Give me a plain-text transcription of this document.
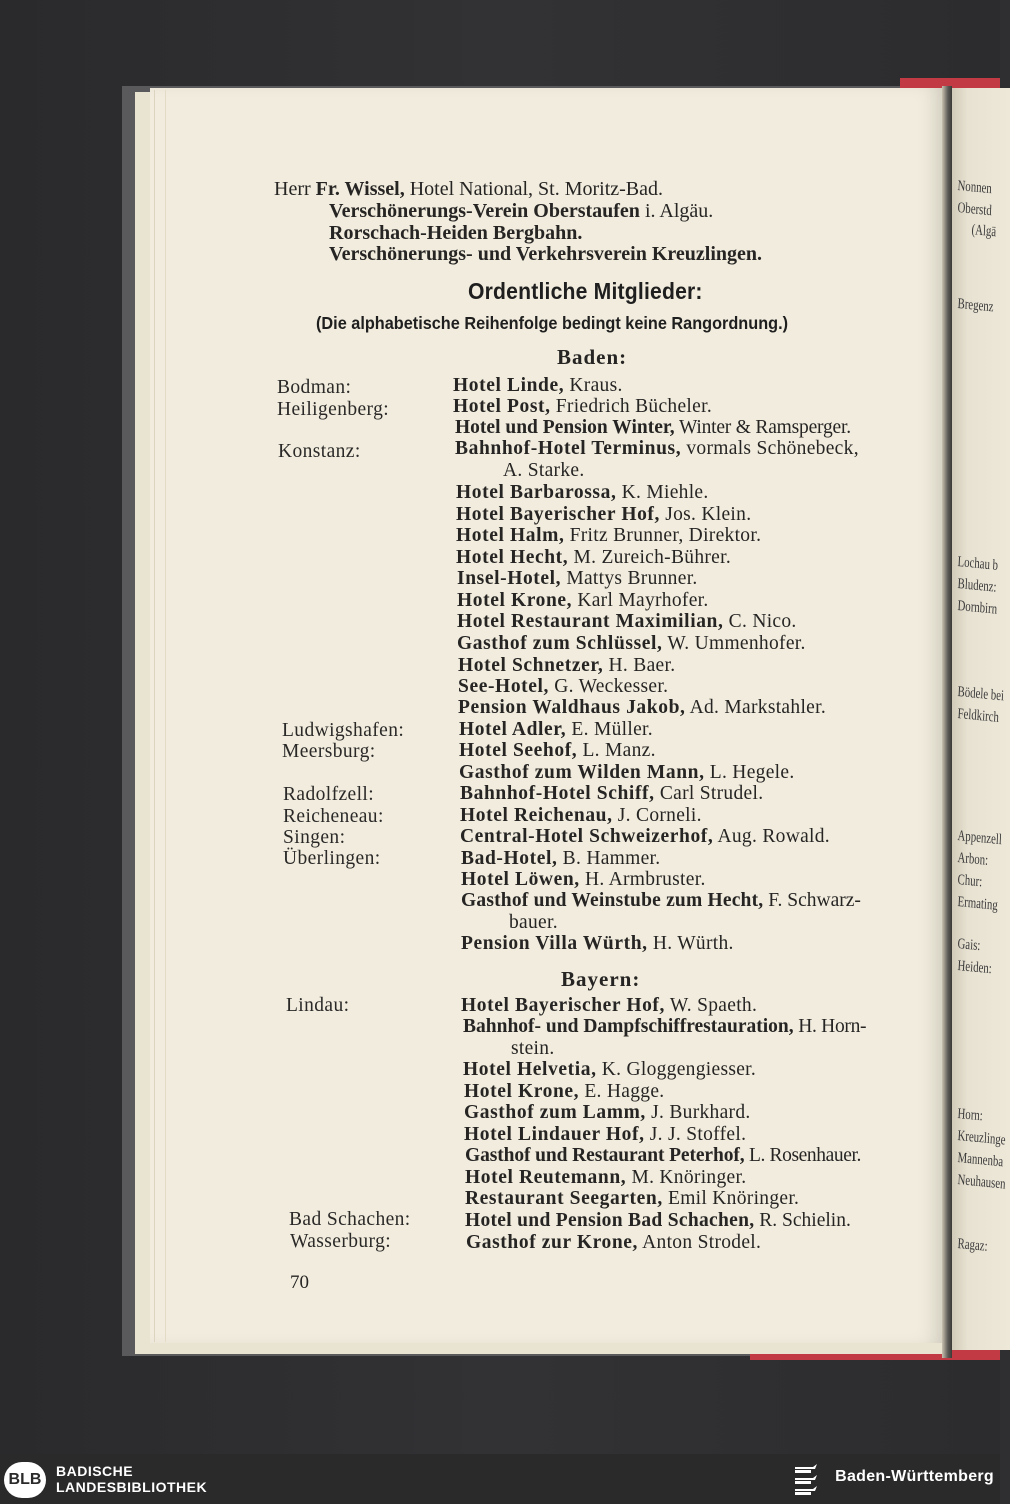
Nonnen
Oberstd
(Algä
Bregenz
Lochau b
Bludenz:
Dornbirn
Bödele bei
Feldkirch
Appenzell
Arbon:
Chur:
Ermating
Gais:
Heiden:
Horn:
Kreuzlinge
Mannenba
Neuhausen
Ragaz:
Herr Fr. Wissel, Hotel National, St. Moritz-Bad.
Verschönerungs-Verein Oberstaufen i. Algäu.
Rorschach-Heiden Bergbahn.
Verschönerungs- und Verkehrsverein Kreuzlingen.
Ordentliche Mitglieder:
(Die alphabetische Reihenfolge bedingt keine Rangordnung.)
Baden:
Bayern:
Bodman:
Heiligenberg:
Konstanz:
Ludwigshafen:
Meersburg:
Radolfzell:
Reicheneau:
Singen:
Überlingen:
Lindau:
Bad Schachen:
Wasserburg:
Hotel Linde, Kraus.
Hotel Post, Friedrich Bücheler.
Hotel und Pension Winter, Winter & Ramsperger.
Bahnhof-Hotel Terminus, vormals Schönebeck,
A. Starke.
Hotel Barbarossa, K. Miehle.
Hotel Bayerischer Hof, Jos. Klein.
Hotel Halm, Fritz Brunner, Direktor.
Hotel Hecht, M. Zureich-Bührer.
Insel-Hotel, Mattys Brunner.
Hotel Krone, Karl Mayrhofer.
Hotel Restaurant Maximilian, C. Nico.
Gasthof zum Schlüssel, W. Ummenhofer.
Hotel Schnetzer, H. Baer.
See-Hotel, G. Weckesser.
Pension Waldhaus Jakob, Ad. Markstahler.
Hotel Adler, E. Müller.
Hotel Seehof, L. Manz.
Gasthof zum Wilden Mann, L. Hegele.
Bahnhof-Hotel Schiff, Carl Strudel.
Hotel Reichenau, J. Corneli.
Central-Hotel Schweizerhof, Aug. Rowald.
Bad-Hotel, B. Hammer.
Hotel Löwen, H. Armbruster.
Gasthof und Weinstube zum Hecht, F. Schwarz-
bauer.
Pension Villa Würth, H. Würth.
Hotel Bayerischer Hof, W. Spaeth.
Bahnhof- und Dampfschiffrestauration, H. Horn-
stein.
Hotel Helvetia, K. Gloggengiesser.
Hotel Krone, E. Hagge.
Gasthof zum Lamm, J. Burkhard.
Hotel Lindauer Hof, J. J. Stoffel.
Gasthof und Restaurant Peterhof, L. Rosenhauer.
Hotel Reutemann, M. Knöringer.
Restaurant Seegarten, Emil Knöringer.
Hotel und Pension Bad Schachen, R. Schielin.
Gasthof zur Krone, Anton Strodel.
70
BLB	BADISCHE
LANDESBIBLIOTHEK
Baden-Württemberg
